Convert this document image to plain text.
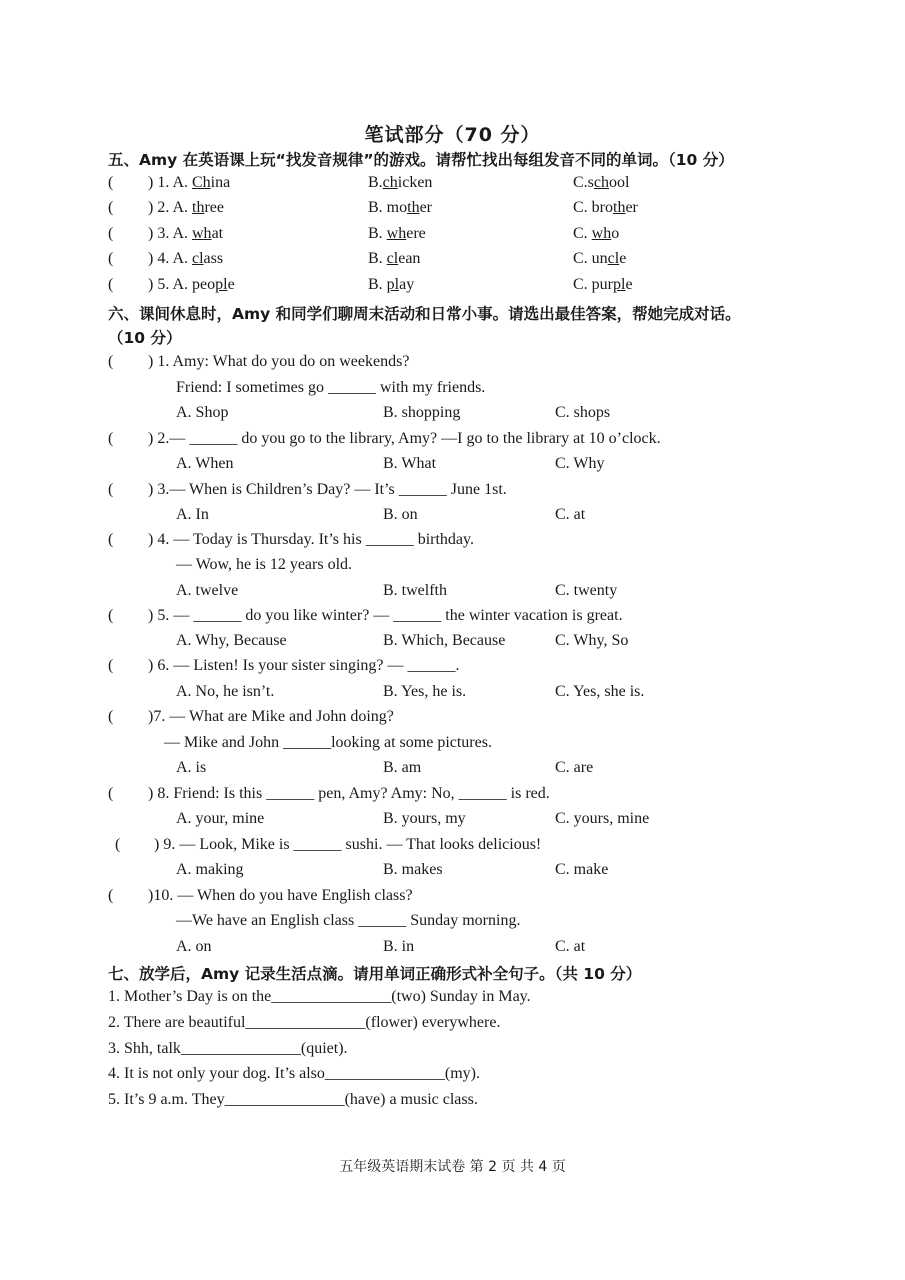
笔试部分（70 分）
五、Amy 在英语课上玩“找发音规律”的游戏。请帮忙找出每组发音不同的单词。（10 分）
( ) 1. A. China	B.chicken	C.school
( ) 2. A. three	B. mother	C. brother
( ) 3. A. what	B. where	C. who
( ) 4. A. class	B. clean	C. uncle
( ) 5. A. people	B. play	C. purple
六、课间休息时，Amy 和同学们聊周末活动和日常小事。请选出最佳答案，帮她完成对话。
（10 分）
( ) 1. Amy: What do you do on weekends?
Friend: I sometimes go ______ with my friends.
A. Shop	B. shopping	C. shops
( ) 2.— ______ do you go to the library, Amy? —I go to the library at 10 o’clock.
A. When	B. What	C. Why
( ) 3.— When is Children’s Day? — It’s ______ June 1st.
A. In	B. on	C. at
( ) 4. — Today is Thursday. It’s his ______ birthday.
— Wow, he is 12 years old.
A. twelve	B. twelfth	C. twenty
( ) 5. — ______ do you like winter? — ______ the winter vacation is great.
A. Why, Because	B. Which, Because	C. Why, So
( ) 6. — Listen! Is your sister singing? — ______.
A. No, he isn’t.	B. Yes, he is.	C. Yes, she is.
( )7. — What are Mike and John doing?
— Mike and John ______looking at some pictures.
A. is	B. am	C. are
( ) 8. Friend: Is this ______ pen, Amy? Amy: No, ______ is red.
A. your, mine	B. yours, my	C. yours, mine
( ) 9. — Look, Mike is ______ sushi. — That looks delicious!
A. making	B. makes	C. make
( )10. — When do you have English class?
—We have an English class ______ Sunday morning.
A. on	B. in	C. at
七、放学后，Amy 记录生活点滴。请用单词正确形式补全句子。（共 10 分）
1. Mother’s Day is on the_______________(two) Sunday in May.
2. There are beautiful_______________(flower) everywhere.
3. Shh, talk_______________(quiet).
4. It is not only your dog. It’s also_______________(my).
5. It’s 9 a.m. They_______________(have) a music class.
五年级英语期末试卷 第 2 页 共 4 页
